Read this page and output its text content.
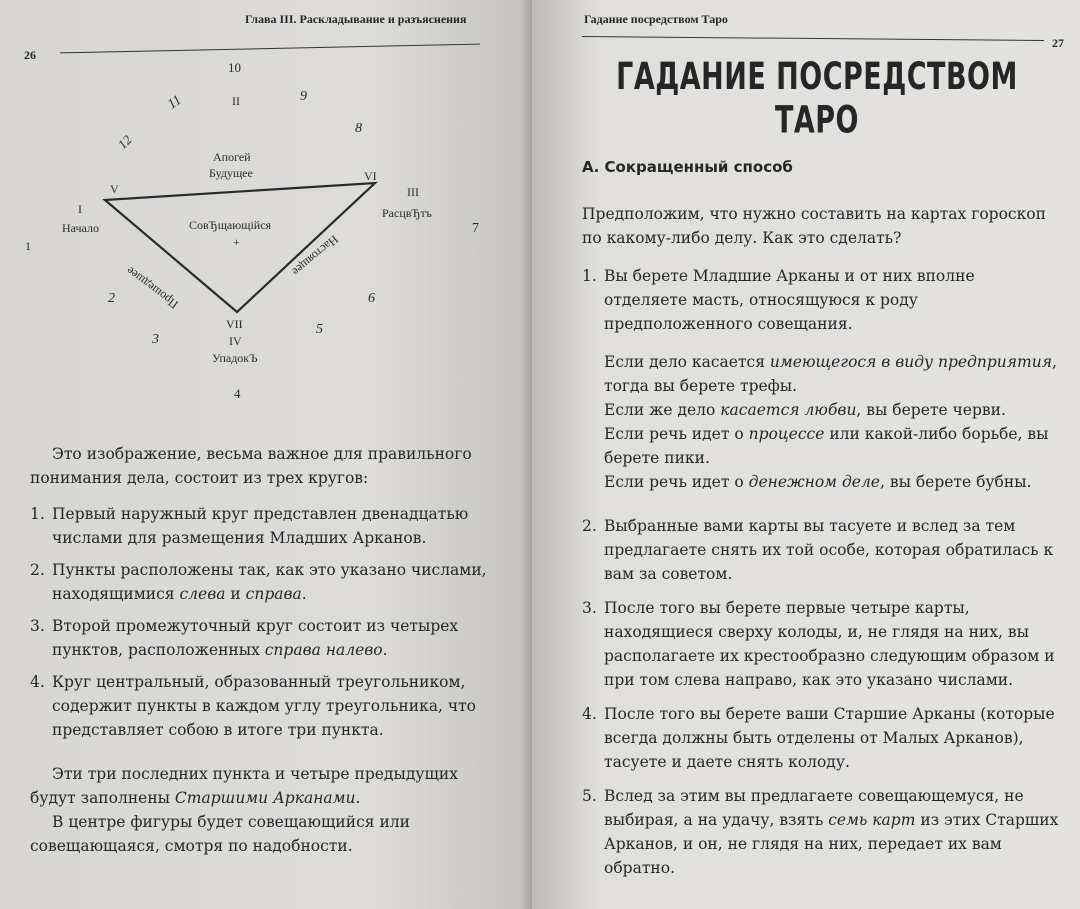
Глава III. Раскладывание и разъяснения
26
1
2
3
4
5
6
7
8
9
10
11
12
I
II
III
IV
V
VI
VII
Апогей
Будущее
Начало
РасцвЂтъ
УпадокЪ
СовЂщающійся
+
Прошедшее
Настоящее

Это изображение, весьма важное для правильного понимания дела, состоит из трех кругов:

1. Первый наружный круг представлен двенадцатью числами для размещения Младших Арканов.
2. Пункты расположены так, как это указано числами, находящимися слева и справа.
3. Второй промежуточный круг состоит из четырех пунктов, расположенных справа налево.
4. Круг центральный, образованный треугольником, содержит пункты в каждом углу треугольника, что представляет собою в итоге три пункта.

Эти три последних пункта и четыре предыдущих будут заполнены Старшими Арканами.

В центре фигуры будет совещающийся или совещающаяся, смотря по надобности.

Гадание посредством Таро
27
ГАДАНИЕ ПОСРЕДСТВОМ ТАРО
А. Сокращенный способ

Предположим, что нужно составить на картах гороскоп по какому-либо делу. Как это сделать?

1. Вы берете Младшие Арканы и от них вполне отделяете масть, относящуюся к роду предположенного совещания.

Если дело касается имеющегося в виду предприятия, тогда вы берете трефы.

Если же дело касается любви, вы берете черви.

Если речь идет о процессе или какой-либо борьбе, вы берете пики.

Если речь идет о денежном деле, вы берете бубны.

2. Выбранные вами карты вы тасуете и вслед за тем предлагаете снять их той особе, которая обратилась к вам за советом.
3. После того вы берете первые четыре карты, находящиеся сверху колоды, и, не глядя на них, вы располагаете их крестообразно следующим образом и при том слева направо, как это указано числами.
4. После того вы берете ваши Старшие Арканы (которые всегда должны быть отделены от Малых Арканов), тасуете и даете снять колоду.
5. Вслед за этим вы предлагаете совещающемуся, не выбирая, а на удачу, взять семь карт из этих Старших Арканов, и он, не глядя на них, передает их вам обратно.
